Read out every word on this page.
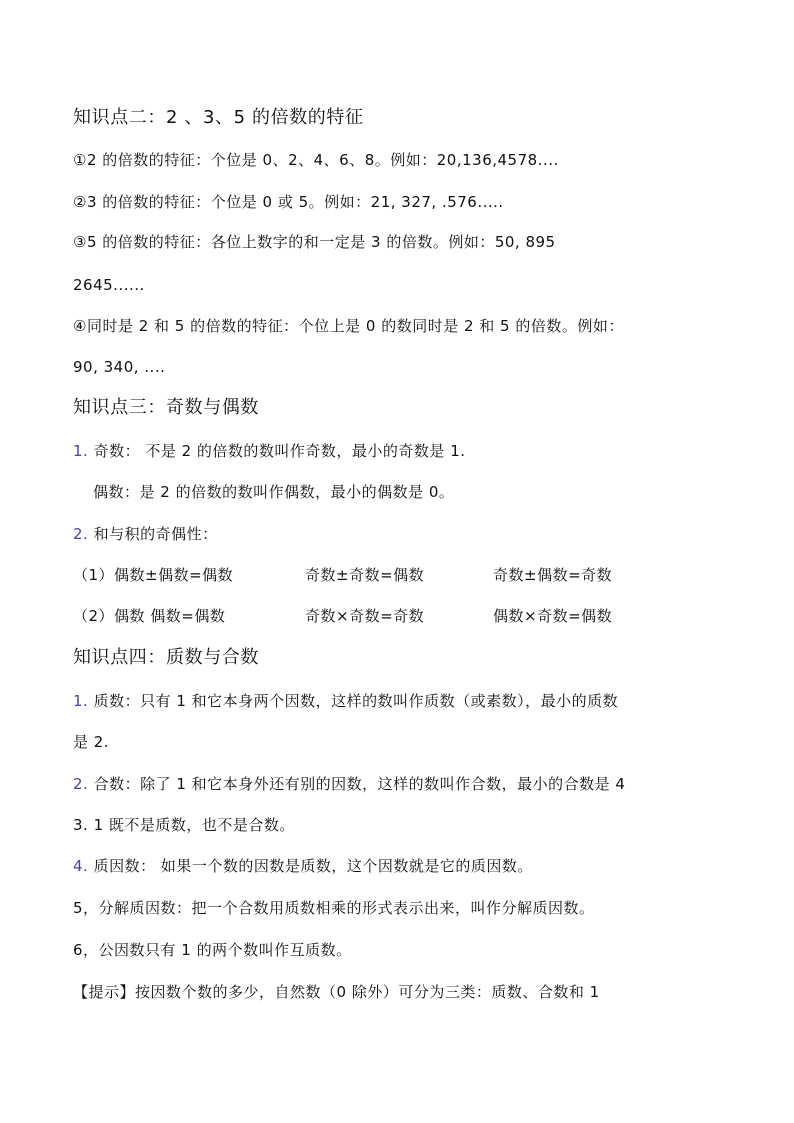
知识点二：2 、3、5 的倍数的特征
①2 的倍数的特征：个位是 0、2、4、6、8。例如：20,136,4578....
②3 的倍数的特征：个位是 0 或 5。例如：21, 327, .576.....
③5 的倍数的特征：各位上数字的和一定是 3 的倍数。例如：50, 895
2645......
④同时是 2 和 5 的倍数的特征：个位上是 0 的数同时是 2 和 5 的倍数。例如：
90, 340, ....
知识点三：奇数与偶数
1. 奇数： 不是 2 的倍数的数叫作奇数，最小的奇数是 1.
偶数：是 2 的倍数的数叫作偶数，最小的偶数是 0。
2. 和与积的奇偶性：
（1）偶数±偶数=偶数	奇数±奇数=偶数	奇数±偶数=奇数
（2）偶数 偶数=偶数	奇数×奇数=奇数	偶数×奇数=偶数
知识点四：质数与合数
1. 质数：只有 1 和它本身两个因数，这样的数叫作质数（或素数），最小的质数
是 2.
2. 合数：除了 1 和它本身外还有别的因数，这样的数叫作合数，最小的合数是 4
3. 1 既不是质数，也不是合数。
4. 质因数： 如果一个数的因数是质数，这个因数就是它的质因数。
5，分解质因数：把一个合数用质数相乘的形式表示出来，叫作分解质因数。
6，公因数只有 1 的两个数叫作互质数。
【提示】按因数个数的多少，自然数（0 除外）可分为三类：质数、合数和 1
